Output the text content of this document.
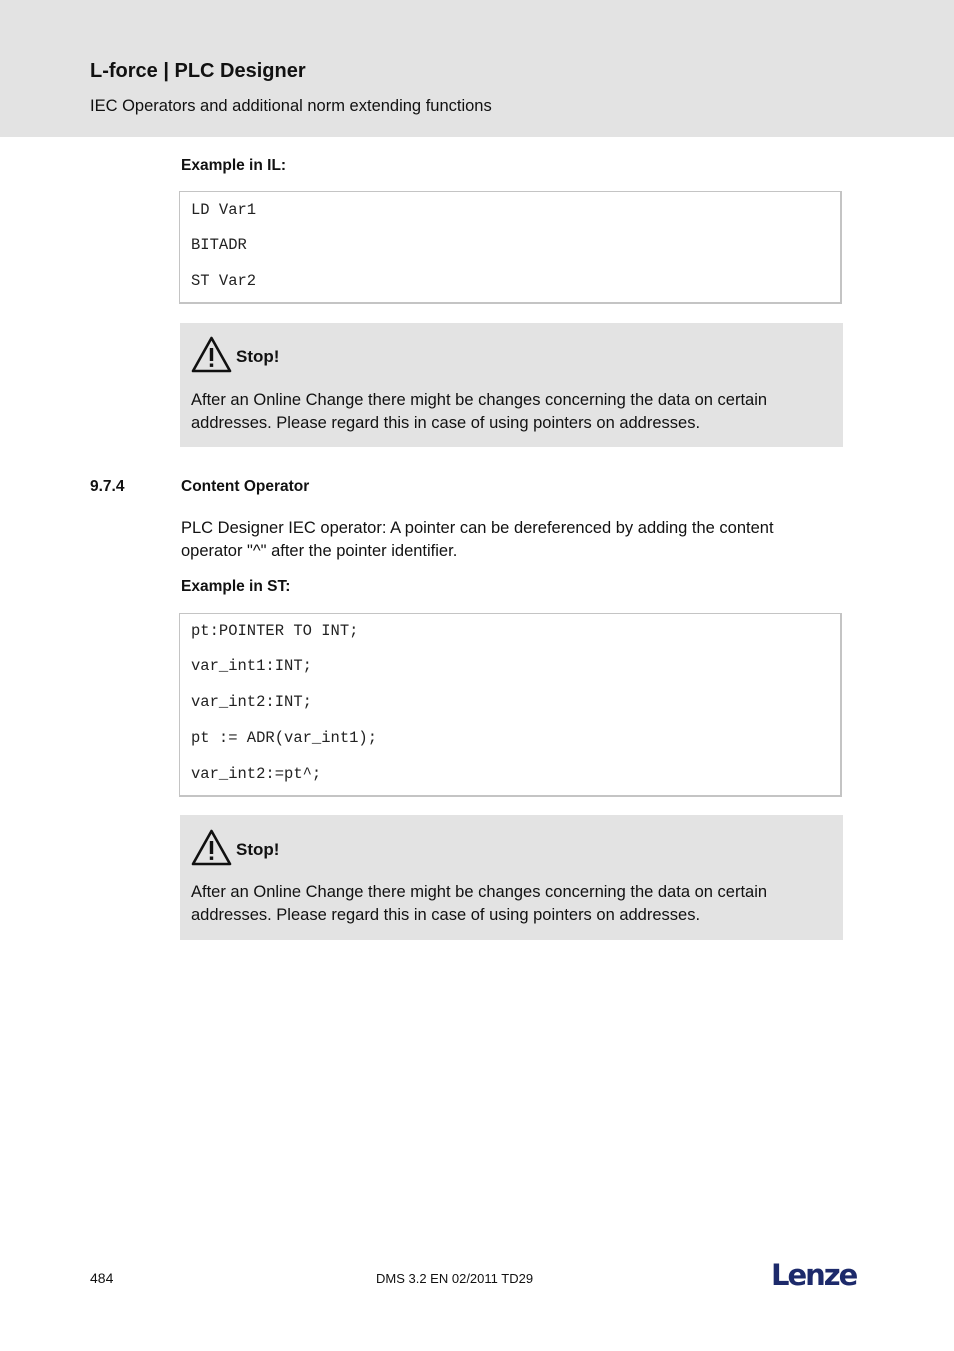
L-force | PLC Designer
IEC Operators and additional norm extending functions
Example in IL:
LD Var1
BITADR
ST Var2
Stop!
After an Online Change there might be changes concerning the data on certain addresses. Please regard this in case of using pointers on addresses.
9.7.4	Content Operator
PLC Designer IEC operator: A pointer can be dereferenced by adding the content operator "^" after the pointer identifier.
Example in ST:
pt:POINTER TO INT;
var_int1:INT;
var_int2:INT;
pt := ADR(var_int1);
var_int2:=pt^;
Stop!
After an Online Change there might be changes concerning the data on certain addresses. Please regard this in case of using pointers on addresses.
484	DMS 3.2 EN 02/2011 TD29	Lenze
